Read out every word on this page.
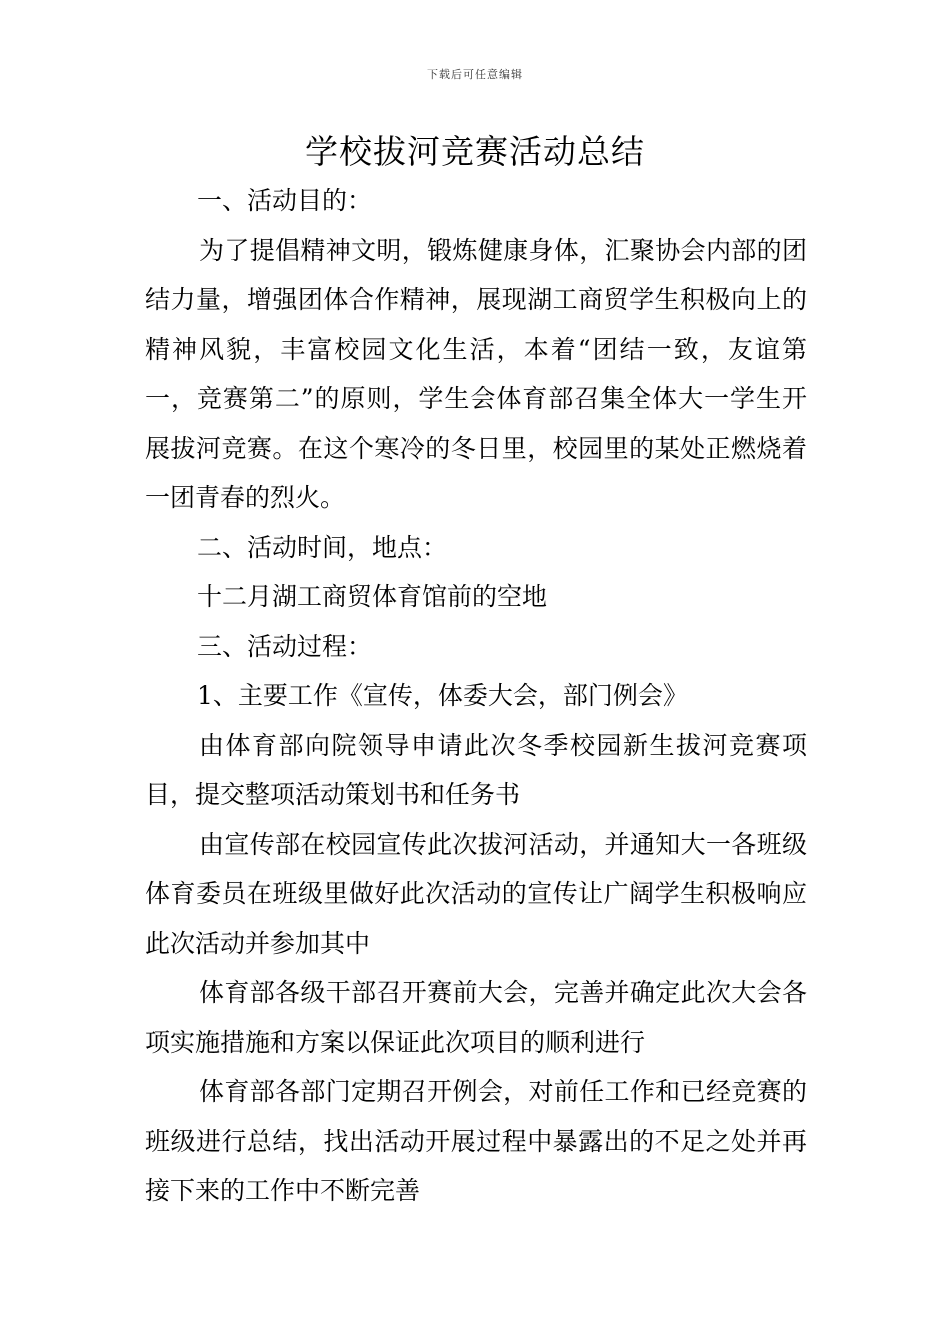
下载后可任意编辑
学校拔河竞赛活动总结

一、活动目的：

为了提倡精神文明，锻炼健康身体，汇聚协会内部的团结力量，增强团体合作精神，展现湖工商贸学生积极向上的精神风貌，丰富校园文化生活，本着“团结一致，友谊第一，竞赛第二”的原则，学生会体育部召集全体大一学生开展拔河竞赛。在这个寒冷的冬日里，校园里的某处正燃烧着一团青春的烈火。

二、活动时间，地点：

十二月湖工商贸体育馆前的空地

三、活动过程：

1、主要工作《宣传，体委大会，部门例会》

由体育部向院领导申请此次冬季校园新生拔河竞赛项目，提交整项活动策划书和任务书

由宣传部在校园宣传此次拔河活动，并通知大一各班级体育委员在班级里做好此次活动的宣传让广阔学生积极响应此次活动并参加其中

体育部各级干部召开赛前大会，完善并确定此次大会各项实施措施和方案以保证此次项目的顺利进行

体育部各部门定期召开例会，对前任工作和已经竞赛的班级进行总结，找出活动开展过程中暴露出的不足之处并再接下来的工作中不断完善
